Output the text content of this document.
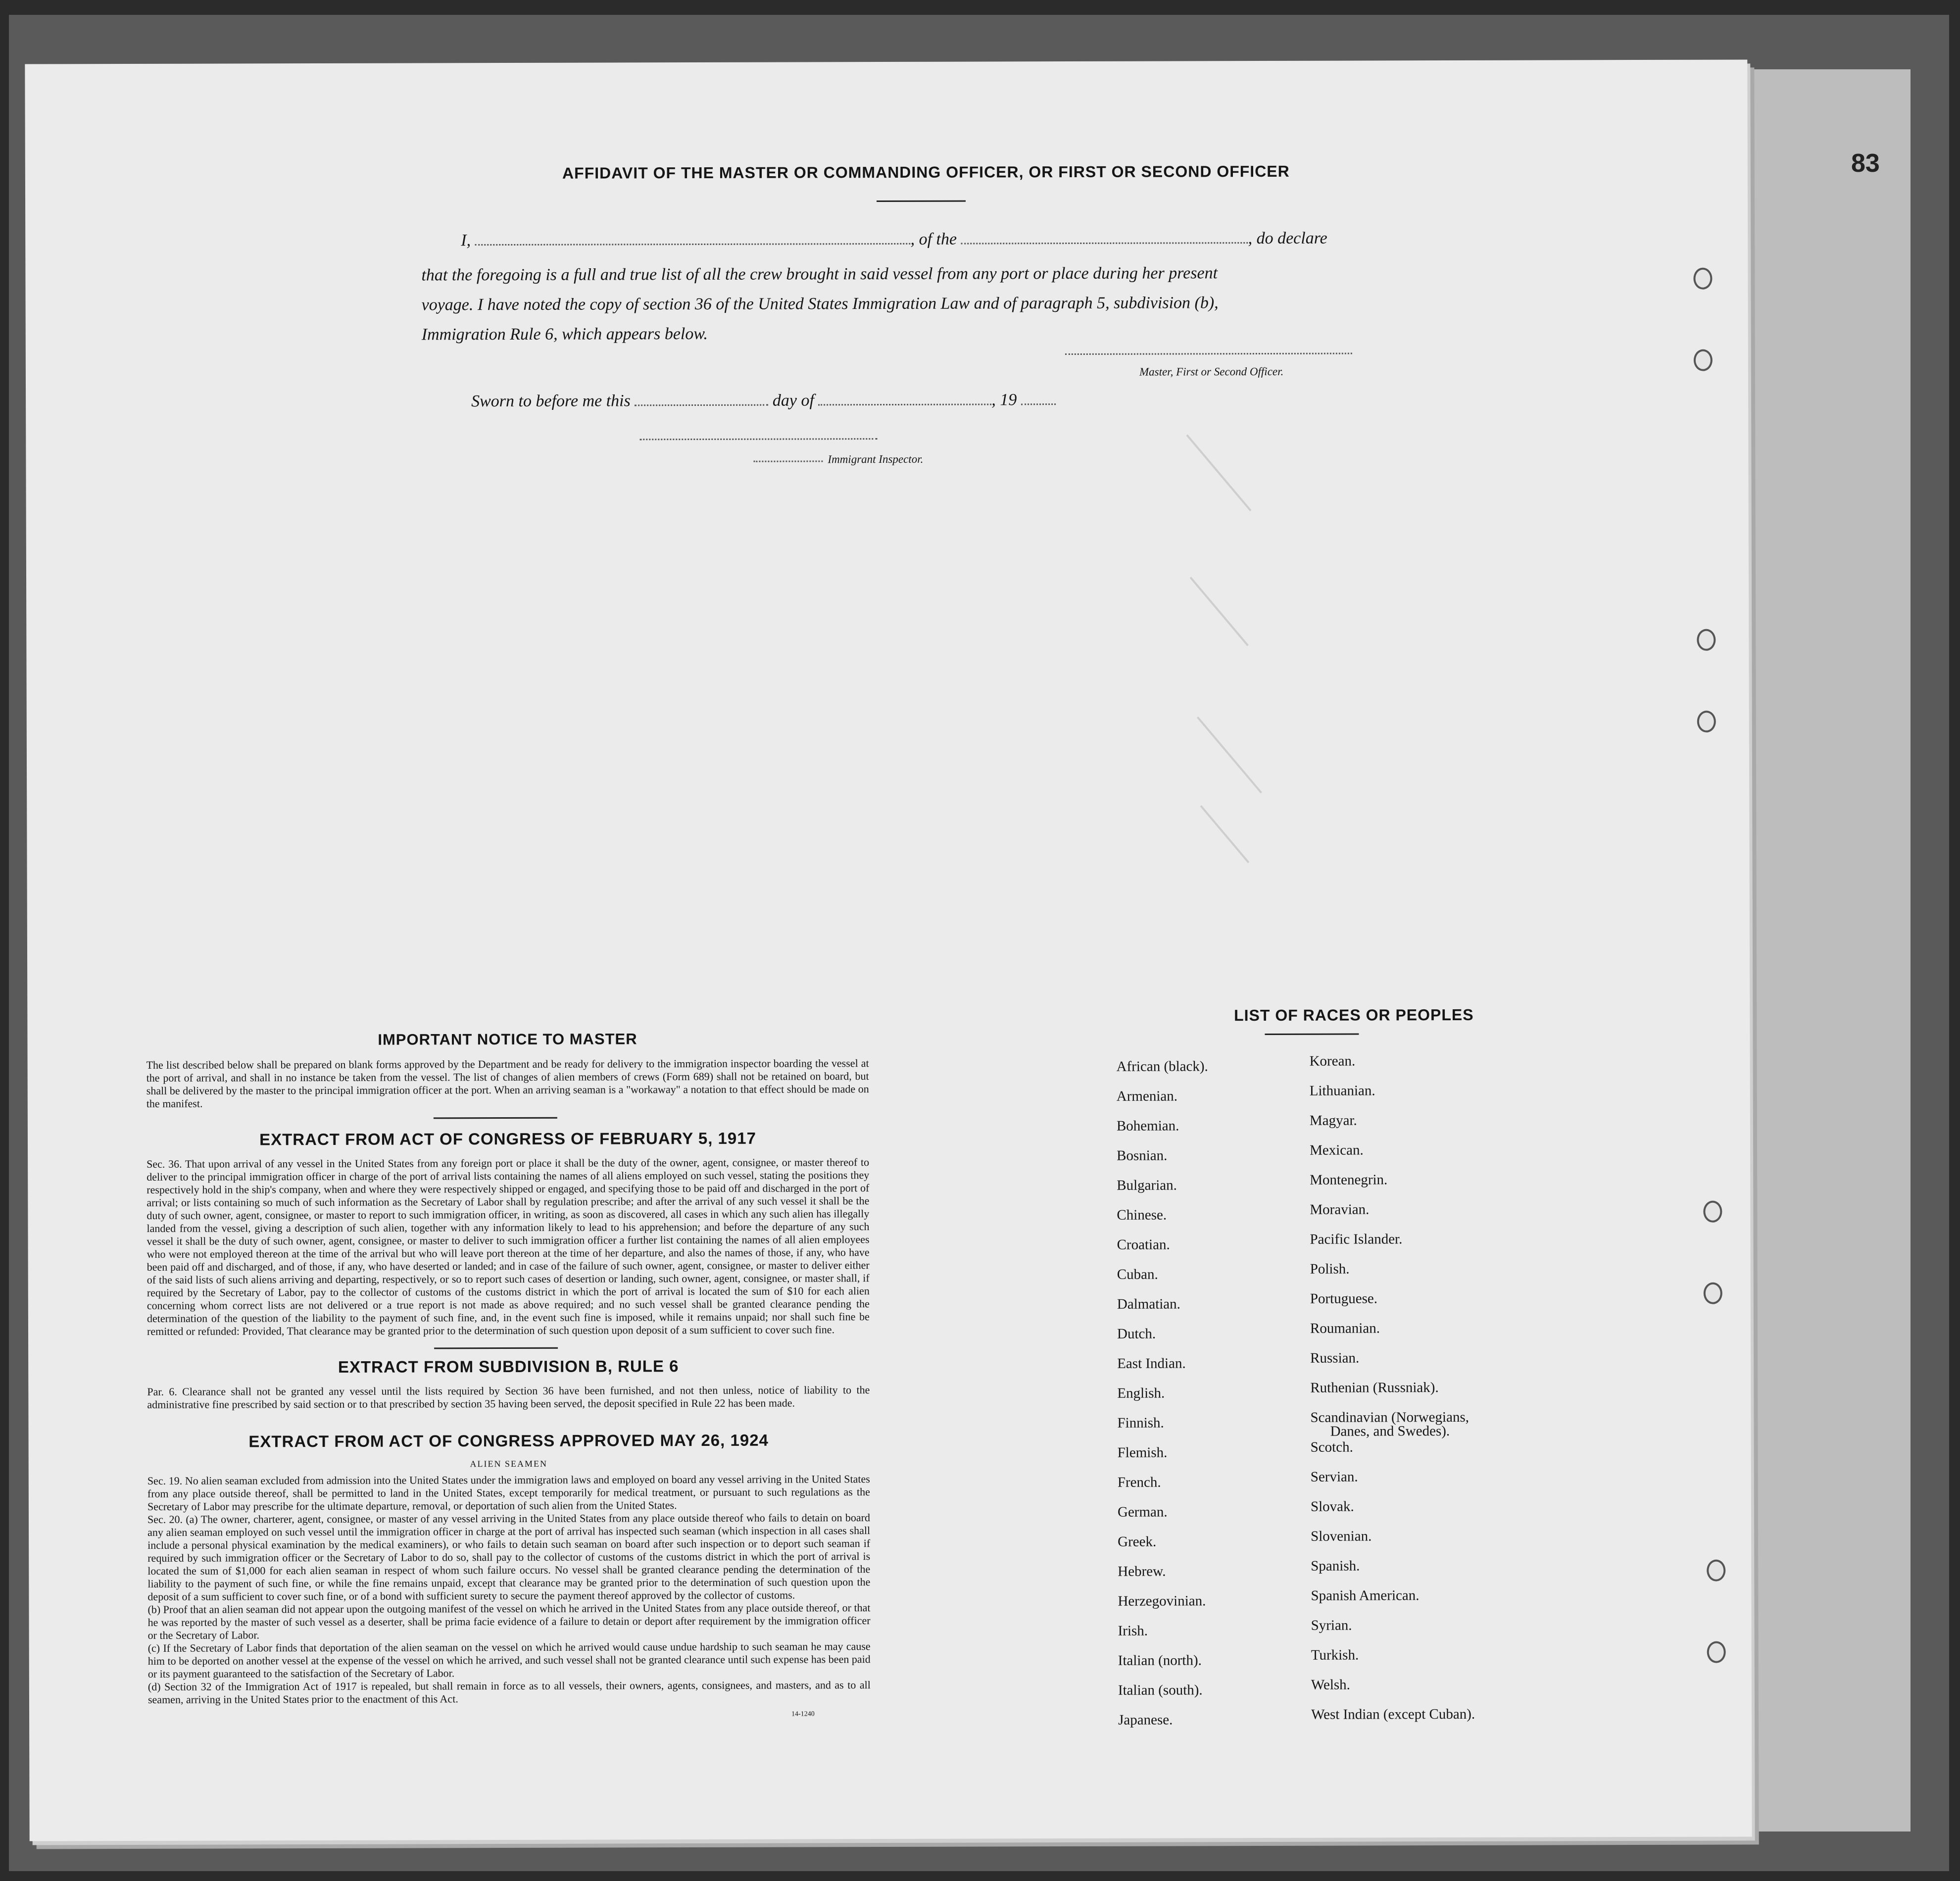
83
AFFIDAVIT OF THE MASTER OR COMMANDING OFFICER, OR FIRST OR SECOND OFFICER
I,	, of the	, do declare
that the foregoing is a full and true list of all the crew brought in said vessel from any port or place during her present
voyage. I have noted the copy of section 36 of the United States Immigration Law and of paragraph 5, subdivision (b),
Immigration Rule 6, which appears below.
Master, First or Second Officer.
Sworn to before me this	day of	, 19
Immigrant Inspector.
IMPORTANT NOTICE TO MASTER
The list described below shall be prepared on blank forms approved by the Department and be ready for delivery to the immigration inspector boarding the vessel at the port of arrival, and shall in no instance be taken from the vessel. The list of changes of alien members of crews (Form 689) shall not be retained on board, but shall be delivered by the master to the principal immigration officer at the port. When an arriving seaman is a "workaway" a notation to that effect should be made on the manifest.
EXTRACT FROM ACT OF CONGRESS OF FEBRUARY 5, 1917
Sec. 36. That upon arrival of any vessel in the United States from any foreign port or place it shall be the duty of the owner, agent, consignee, or master thereof to deliver to the principal immigration officer in charge of the port of arrival lists containing the names of all aliens employed on such vessel, stating the positions they respectively hold in the ship's company, when and where they were respectively shipped or engaged, and specifying those to be paid off and discharged in the port of arrival; or lists containing so much of such information as the Secretary of Labor shall by regulation prescribe; and after the arrival of any such vessel it shall be the duty of such owner, agent, consignee, or master to report to such immigration officer, in writing, as soon as discovered, all cases in which any such alien has illegally landed from the vessel, giving a description of such alien, together with any information likely to lead to his apprehension; and before the departure of any such vessel it shall be the duty of such owner, agent, consignee, or master to deliver to such immigration officer a further list containing the names of all alien employees who were not employed thereon at the time of the arrival but who will leave port thereon at the time of her departure, and also the names of those, if any, who have been paid off and discharged, and of those, if any, who have deserted or landed; and in case of the failure of such owner, agent, consignee, or master to deliver either of the said lists of such aliens arriving and departing, respectively, or so to report such cases of desertion or landing, such owner, agent, consignee, or master shall, if required by the Secretary of Labor, pay to the collector of customs of the customs district in which the port of arrival is located the sum of $10 for each alien concerning whom correct lists are not delivered or a true report is not made as above required; and no such vessel shall be granted clearance pending the determination of the question of the liability to the payment of such fine, and, in the event such fine is imposed, while it remains unpaid; nor shall such fine be remitted or refunded: Provided, That clearance may be granted prior to the determination of such question upon deposit of a sum sufficient to cover such fine.
EXTRACT FROM SUBDIVISION B, RULE 6
Par. 6. Clearance shall not be granted any vessel until the lists required by Section 36 have been furnished, and not then unless, notice of liability to the administrative fine prescribed by said section or to that prescribed by section 35 having been served, the deposit specified in Rule 22 has been made.
EXTRACT FROM ACT OF CONGRESS APPROVED MAY 26, 1924
ALIEN SEAMEN

Sec. 19. No alien seaman excluded from admission into the United States under the immigration laws and employed on board any vessel arriving in the United States from any place outside thereof, shall be permitted to land in the United States, except temporarily for medical treatment, or pursuant to such regulations as the Secretary of Labor may prescribe for the ultimate departure, removal, or deportation of such alien from the United States.

Sec. 20. (a) The owner, charterer, agent, consignee, or master of any vessel arriving in the United States from any place outside thereof who fails to detain on board any alien seaman employed on such vessel until the immigration officer in charge at the port of arrival has inspected such seaman (which inspection in all cases shall include a personal physical examination by the medical examiners), or who fails to detain such seaman on board after such inspection or to deport such seaman if required by such immigration officer or the Secretary of Labor to do so, shall pay to the collector of customs of the customs district in which the port of arrival is located the sum of $1,000 for each alien seaman in respect of whom such failure occurs. No vessel shall be granted clearance pending the determination of the liability to the payment of such fine, or while the fine remains unpaid, except that clearance may be granted prior to the determination of such question upon the deposit of a sum sufficient to cover such fine, or of a bond with sufficient surety to secure the payment thereof approved by the collector of customs.

(b) Proof that an alien seaman did not appear upon the outgoing manifest of the vessel on which he arrived in the United States from any place outside thereof, or that he was reported by the master of such vessel as a deserter, shall be prima facie evidence of a failure to detain or deport after requirement by the immigration officer or the Secretary of Labor.

(c) If the Secretary of Labor finds that deportation of the alien seaman on the vessel on which he arrived would cause undue hardship to such seaman he may cause him to be deported on another vessel at the expense of the vessel on which he arrived, and such vessel shall not be granted clearance until such expense has been paid or its payment guaranteed to the satisfaction of the Secretary of Labor.

(d) Section 32 of the Immigration Act of 1917 is repealed, but shall remain in force as to all vessels, their owners, agents, consignees, and masters, and as to all seamen, arriving in the United States prior to the enactment of this Act.

14-1240
LIST OF RACES OR PEOPLES
African (black).
Armenian.
Bohemian.
Bosnian.
Bulgarian.
Chinese.
Croatian.
Cuban.
Dalmatian.
Dutch.
East Indian.
English.
Finnish.
Flemish.
French.
German.
Greek.
Hebrew.
Herzegovinian.
Irish.
Italian (north).
Italian (south).
Japanese.
Korean.
Lithuanian.
Magyar.
Mexican.
Montenegrin.
Moravian.
Pacific Islander.
Polish.
Portuguese.
Roumanian.
Russian.
Ruthenian (Russniak).
Scandinavian (Norwegians,
Danes, and Swedes).
Scotch.
Servian.
Slovak.
Slovenian.
Spanish.
Spanish American.
Syrian.
Turkish.
Welsh.
West Indian (except Cuban).
